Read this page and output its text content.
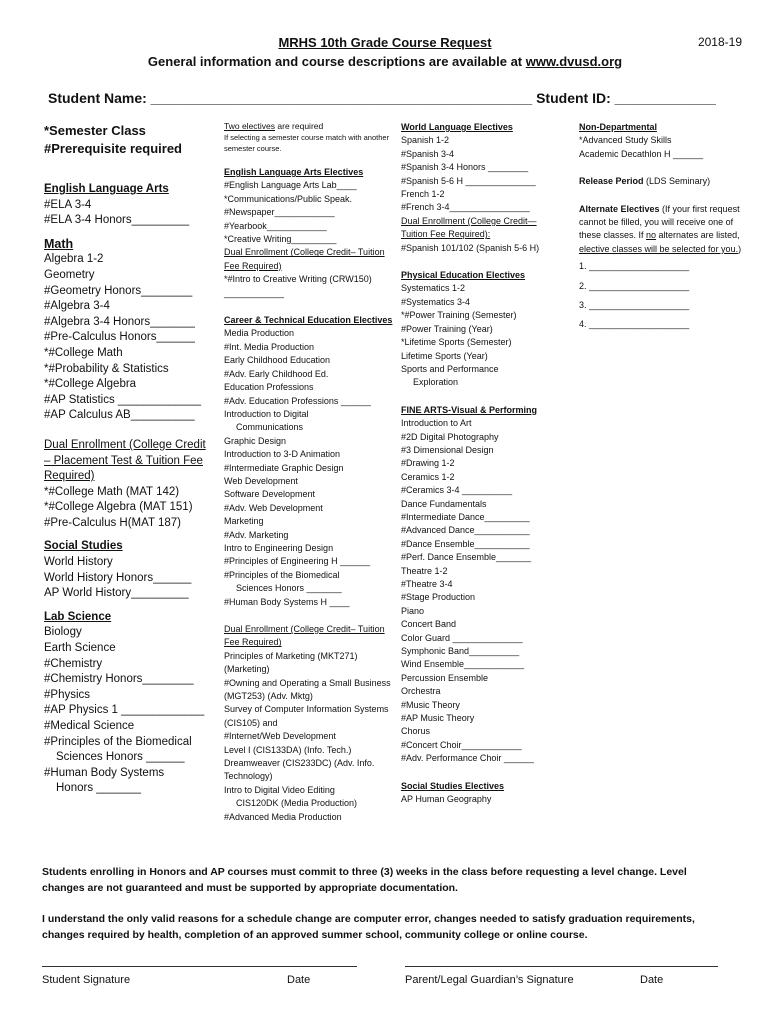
MRHS 10th Grade Course Request	2018-19
General information and course descriptions are available at www.dvusd.org
Student Name: _________________________________________________ Student ID: _____________
*Semester Class
#Prerequisite required
English Language Arts
#ELA 3-4
#ELA 3-4 Honors_________
Math
Algebra 1-2
Geometry
#Geometry Honors________
#Algebra 3-4
#Algebra 3-4 Honors_______
#Pre-Calculus Honors______
*#College Math
*#Probability & Statistics
*#College Algebra
#AP Statistics _____________
#AP Calculus AB__________
Dual Enrollment (College Credit – Placement Test & Tuition Fee Required)
*#College Math (MAT 142)
*#College Algebra (MAT 151)
#Pre-Calculus H(MAT 187)
Social Studies
World History
World History Honors______
AP World History_________
Lab Science
Biology
Earth Science
#Chemistry
#Chemistry Honors________
#Physics
#AP Physics 1 _____________
#Medical Science
#Principles of the Biomedical
Sciences Honors ______
#Human Body Systems
Honors _______
Two electives are required
If selecting a semester course match with another semester course.
English Language Arts Electives
#English Language Arts Lab____
*Communications/Public Speak.
#Newspaper____________
#Yearbook____________
*Creative Writing_________
Dual Enrollment (College Credit– Tuition Fee Required)
*#Intro to Creative Writing (CRW150)
____________
Career & Technical Education Electives
Media Production
#Int. Media Production
Early Childhood Education
#Adv. Early Childhood Ed.
Education Professions
#Adv. Education Professions ______
Introduction to Digital
Communications
Graphic Design
Introduction to 3-D Animation
#Intermediate Graphic Design
Web Development
Software Development
#Adv. Web Development
Marketing
#Adv. Marketing
Intro to Engineering Design
#Principles of Engineering H ______
#Principles of the Biomedical
Sciences Honors _______
#Human Body Systems H ____
Dual Enrollment (College Credit– Tuition Fee Required)
Principles of Marketing (MKT271)
(Marketing)
#Owning and Operating a Small Business (MGT253) (Adv. Mktg)
Survey of Computer Information Systems (CIS105) and
#Internet/Web Development
Level I (CIS133DA) (Info. Tech.)
Dreamweaver (CIS233DC) (Adv. Info. Technology)
Intro to Digital Video Editing
CIS120DK (Media Production)
#Advanced Media Production
World Language Electives
Spanish 1-2
#Spanish 3-4
#Spanish 3-4 Honors ________
#Spanish 5-6 H ______________
French 1-2
#French 3-4________________
Dual Enrollment (College Credit— Tuition Fee Required):
#Spanish 101/102 (Spanish 5-6 H)
Physical Education Electives
Systematics 1-2
#Systematics 3-4
*#Power Training (Semester)
#Power Training (Year)
*Lifetime Sports (Semester)
Lifetime Sports (Year)
Sports and Performance
Exploration
FINE ARTS-Visual & Performing
Introduction to Art
#2D Digital Photography
#3 Dimensional Design
#Drawing 1-2
Ceramics 1-2
#Ceramics 3-4 __________
Dance Fundamentals
#Intermediate Dance_________
#Advanced Dance___________
#Dance Ensemble___________
#Perf. Dance Ensemble_______
Theatre 1-2
#Theatre 3-4
#Stage Production
Piano
Concert Band
Color Guard ______________
Symphonic Band__________
Wind Ensemble____________
Percussion Ensemble
Orchestra
#Music Theory
#AP Music Theory
Chorus
#Concert Choir____________
#Adv. Performance Choir ______
Social Studies Electives
AP Human Geography
Non-Departmental
*Advanced Study Skills
Academic Decathlon H ______
Release Period (LDS Seminary)
Alternate Electives (If your first request cannot be filled, you will receive one of these classes. If no alternates are listed, elective classes will be selected for you.)
1. ____________________
2. ____________________
3. ____________________
4. ____________________
Students enrolling in Honors and AP courses must commit to three (3) weeks in the class before requesting a level change. Level changes are not guaranteed and must be supported by appropriate documentation.
I understand the only valid reasons for a schedule change are computer error, changes needed to satisfy graduation requirements, changes required by health, completion of an approved summer school, community college or online course.
Student Signature	Date	Parent/Legal Guardian’s Signature	Date
